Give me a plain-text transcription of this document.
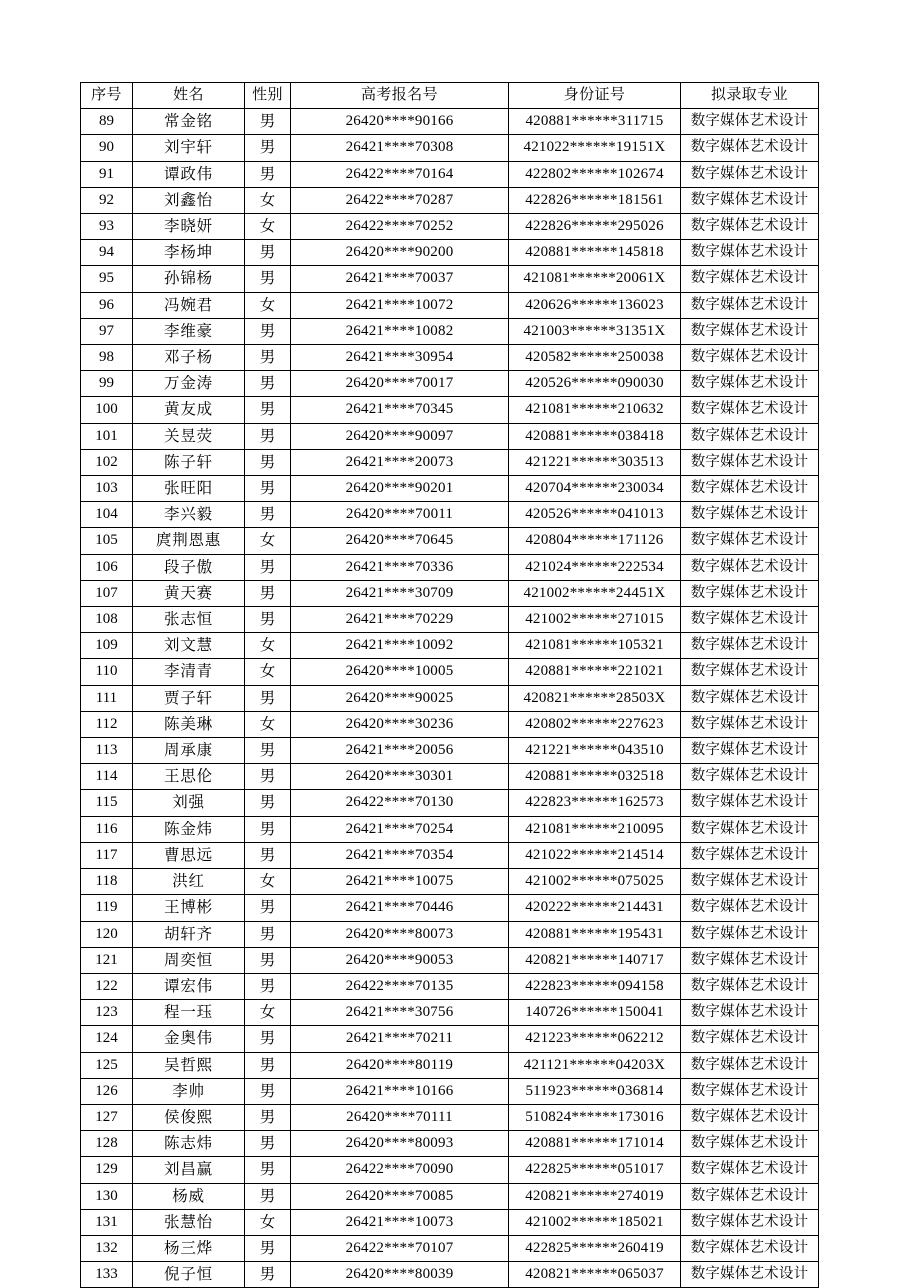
序号	姓名	性别	高考报名号	身份证号	拟录取专业
89	常金铭	男	26420****90166	420881******311715	数字媒体艺术设计
90	刘宇轩	男	26421****70308	421022******19151X	数字媒体艺术设计
91	谭政伟	男	26422****70164	422802******102674	数字媒体艺术设计
92	刘鑫怡	女	26422****70287	422826******181561	数字媒体艺术设计
93	李晓妍	女	26422****70252	422826******295026	数字媒体艺术设计
94	李杨坤	男	26420****90200	420881******145818	数字媒体艺术设计
95	孙锦杨	男	26421****70037	421081******20061X	数字媒体艺术设计
96	冯婉君	女	26421****10072	420626******136023	数字媒体艺术设计
97	李维豪	男	26421****10082	421003******31351X	数字媒体艺术设计
98	邓子杨	男	26421****30954	420582******250038	数字媒体艺术设计
99	万金涛	男	26420****70017	420526******090030	数字媒体艺术设计
100	黄友成	男	26421****70345	421081******210632	数字媒体艺术设计
101	关昱荧	男	26420****90097	420881******038418	数字媒体艺术设计
102	陈子轩	男	26421****20073	421221******303513	数字媒体艺术设计
103	张旺阳	男	26420****90201	420704******230034	数字媒体艺术设计
104	李兴毅	男	26420****70011	420526******041013	数字媒体艺术设计
105	庹荆恩惠	女	26420****70645	420804******171126	数字媒体艺术设计
106	段子傲	男	26421****70336	421024******222534	数字媒体艺术设计
107	黄天赛	男	26421****30709	421002******24451X	数字媒体艺术设计
108	张志恒	男	26421****70229	421002******271015	数字媒体艺术设计
109	刘文慧	女	26421****10092	421081******105321	数字媒体艺术设计
110	李清青	女	26420****10005	420881******221021	数字媒体艺术设计
111	贾子轩	男	26420****90025	420821******28503X	数字媒体艺术设计
112	陈美琳	女	26420****30236	420802******227623	数字媒体艺术设计
113	周承康	男	26421****20056	421221******043510	数字媒体艺术设计
114	王思伦	男	26420****30301	420881******032518	数字媒体艺术设计
115	刘强	男	26422****70130	422823******162573	数字媒体艺术设计
116	陈金炜	男	26421****70254	421081******210095	数字媒体艺术设计
117	曹思远	男	26421****70354	421022******214514	数字媒体艺术设计
118	洪红	女	26421****10075	421002******075025	数字媒体艺术设计
119	王博彬	男	26421****70446	420222******214431	数字媒体艺术设计
120	胡轩齐	男	26420****80073	420881******195431	数字媒体艺术设计
121	周奕恒	男	26420****90053	420821******140717	数字媒体艺术设计
122	谭宏伟	男	26422****70135	422823******094158	数字媒体艺术设计
123	程一珏	女	26421****30756	140726******150041	数字媒体艺术设计
124	金奥伟	男	26421****70211	421223******062212	数字媒体艺术设计
125	吴哲熙	男	26420****80119	421121******04203X	数字媒体艺术设计
126	李帅	男	26421****10166	511923******036814	数字媒体艺术设计
127	侯俊熙	男	26420****70111	510824******173016	数字媒体艺术设计
128	陈志炜	男	26420****80093	420881******171014	数字媒体艺术设计
129	刘昌赢	男	26422****70090	422825******051017	数字媒体艺术设计
130	杨威	男	26420****70085	420821******274019	数字媒体艺术设计
131	张慧怡	女	26421****10073	421002******185021	数字媒体艺术设计
132	杨三烨	男	26422****70107	422825******260419	数字媒体艺术设计
133	倪子恒	男	26420****80039	420821******065037	数字媒体艺术设计
